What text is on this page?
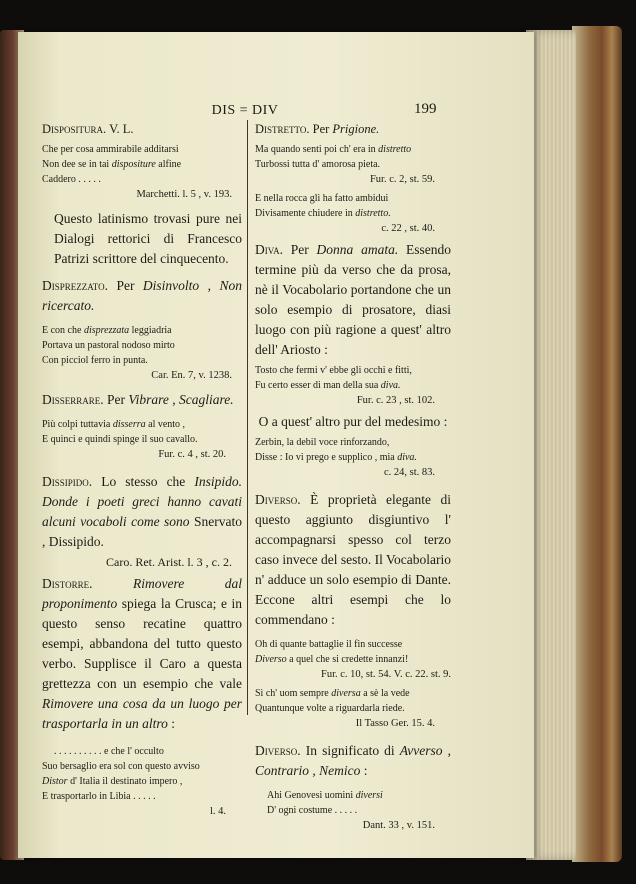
DIS = DIV	199

Dispositura. V. L.

Che per cosa ammirabile additarsi

Non dee se in tai dispositure alfine

Caddero . . . . .

Marchetti. l. 5 , v. 193.

Questo latinismo trovasi pure nei Dialogi rettorici di Francesco Patrizi scrittore del cinquecento.

Disprezzato. Per Disinvolto , Non ricercato.

E con che disprezzata leggiadria

Portava un pastoral nodoso mirto

Con picciol ferro in punta.

Car. En. 7, v. 1238.

Disserrare. Per Vibrare , Scagliare.

Più colpi tuttavia disserra al vento ,

E quinci e quindi spinge il suo cavallo.

Fur. c. 4 , st. 20.

Dissipido. Lo stesso che Insipido. Donde i poeti greci hanno cavati alcuni vocaboli come sono Snervato , Dissipido.

Caro. Ret. Arist. l. 3 , c. 2.

Distorre. Rimovere dal proponimento spiega la Crusca; e in questo senso recatine quattro esempi, abbandona del tutto questo verbo. Supplisce il Caro a questa grettezza con un esempio che vale Rimovere una cosa da un luogo per trasportarla in un altro :

. . . . . . . . . . e che l' occulto

Suo bersaglio era sol con questo avviso

Distor d' Italia il destinato impero ,

E trasportarlo in Libia . . . . .

l. 4.

Distretto. Per Prigione.

Ma quando senti poi ch' era in distretto

Turbossi tutta d' amorosa pieta.

Fur. c. 2, st. 59.

E nella rocca gli ha fatto ambidui

Divisamente chiudere in distretto.

c. 22 , st. 40.

Diva. Per Donna amata. Essendo termine più da verso che da prosa, nè il Vocabolario portandone che un solo esempio di prosatore, diasi luogo con più ragione a quest' altro dell' Ariosto :

Tosto che fermi v' ebbe gli occhi e fitti,

Fu certo esser di man della sua diva.

Fur. c. 23 , st. 102.

O a quest' altro pur del medesimo :

Zerbin, la debil voce rinforzando,

Disse : Io vi prego e supplico , mia diva.

c. 24, st. 83.

Diverso. È proprietà elegante di questo aggiunto disgiuntivo l' accompagnarsi spesso col terzo caso invece del sesto. Il Vocabolario n' adduce un solo esempio di Dante. Eccone altri esempi che lo commendano :

Oh di quante battaglie il fin successe

Diverso a quel che si credette innanzi!

Fur. c. 10, st. 54. V. c. 22. st. 9.

Sì ch' uom sempre diversa a sè la vede

Quantunque volte a riguardarla riede.

Il Tasso Ger. 15. 4.

Diverso. In significato di Avverso , Contrario , Nemico :

Ahi Genovesi uomini diversi

D' ogni costume . . . . .

Dant. 33 , v. 151.
